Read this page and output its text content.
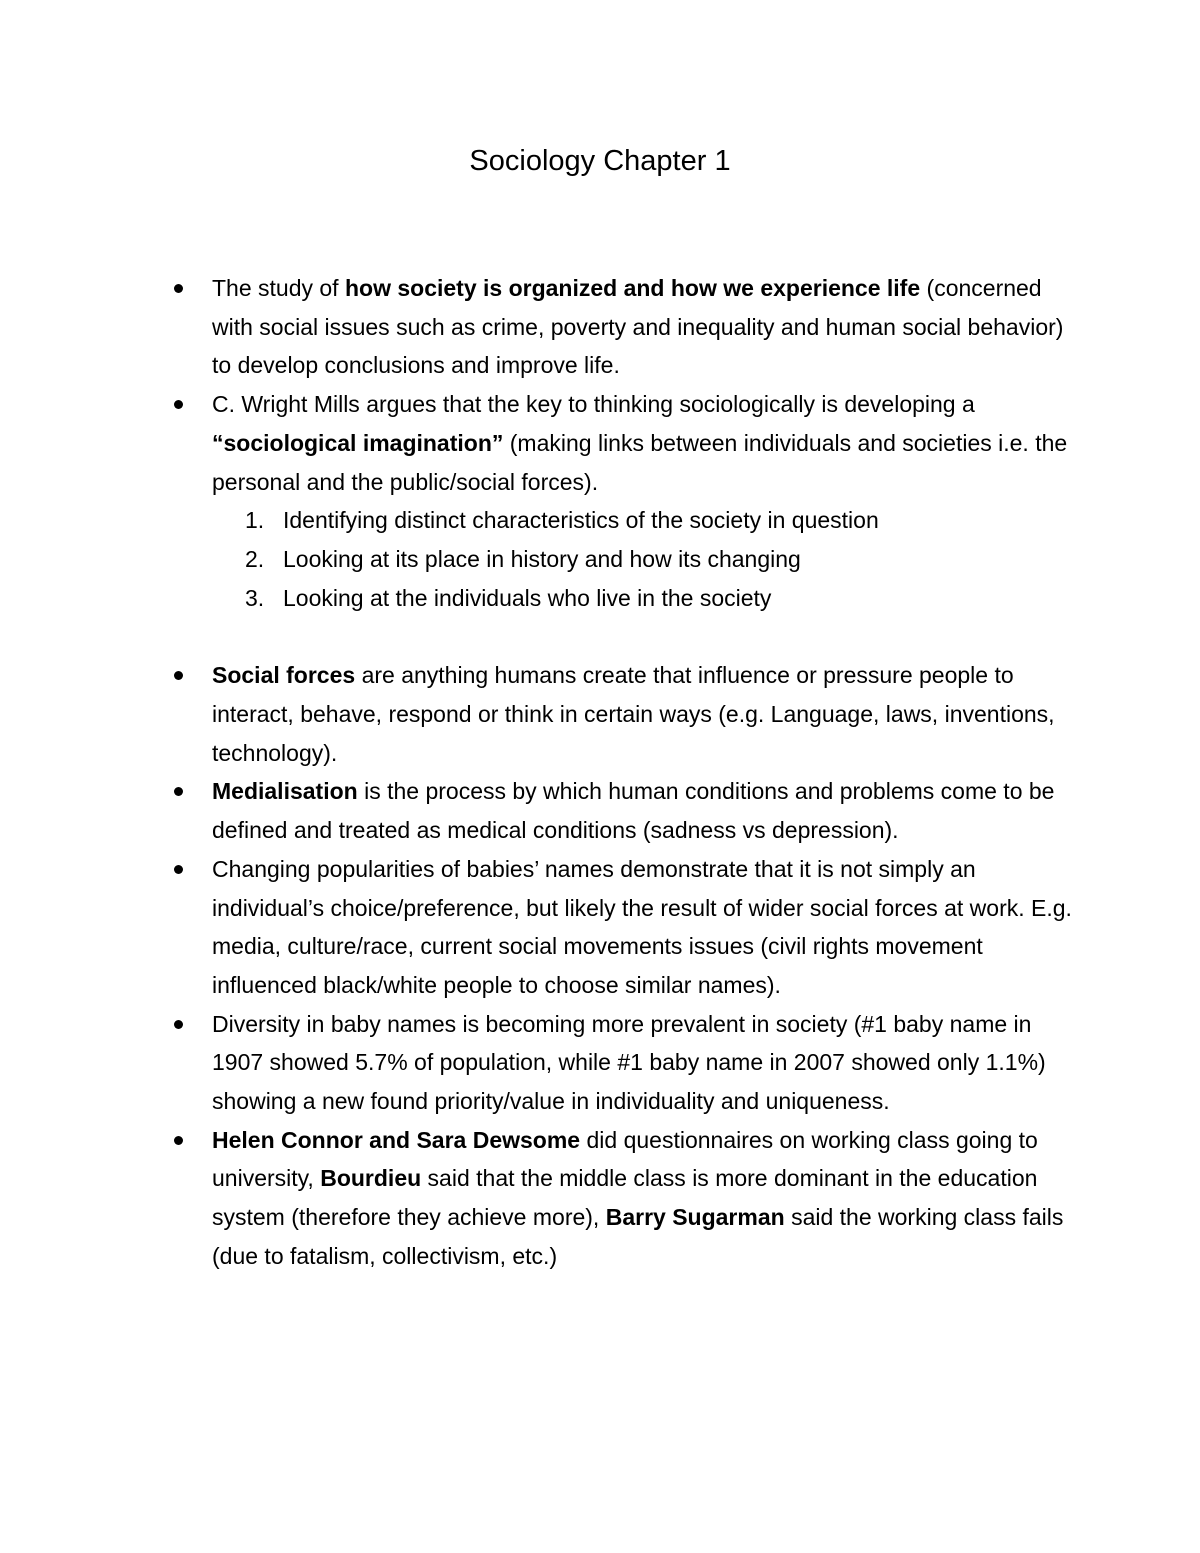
Sociology Chapter 1
The study of how society is organized and how we experience life (concerned with social issues such as crime, poverty and inequality and human social behavior) to develop conclusions and improve life.
C. Wright Mills argues that the key to thinking sociologically is developing a “sociological imagination” (making links between individuals and societies i.e. the personal and the public/social forces).
1. Identifying distinct characteristics of the society in question
2. Looking at its place in history and how its changing
3. Looking at the individuals who live in the society
Social forces are anything humans create that influence or pressure people to interact, behave, respond or think in certain ways (e.g. Language, laws, inventions, technology).
Medialisation is the process by which human conditions and problems come to be defined and treated as medical conditions (sadness vs depression).
Changing popularities of babies’ names demonstrate that it is not simply an individual’s choice/preference, but likely the result of wider social forces at work. E.g. media, culture/race, current social movements issues (civil rights movement influenced black/white people to choose similar names).
Diversity in baby names is becoming more prevalent in society (#1 baby name in 1907 showed 5.7% of population, while #1 baby name in 2007 showed only 1.1%) showing a new found priority/value in individuality and uniqueness.
Helen Connor and Sara Dewsome did questionnaires on working class going to university, Bourdieu said that the middle class is more dominant in the education system (therefore they achieve more), Barry Sugarman said the working class fails (due to fatalism, collectivism, etc.)
